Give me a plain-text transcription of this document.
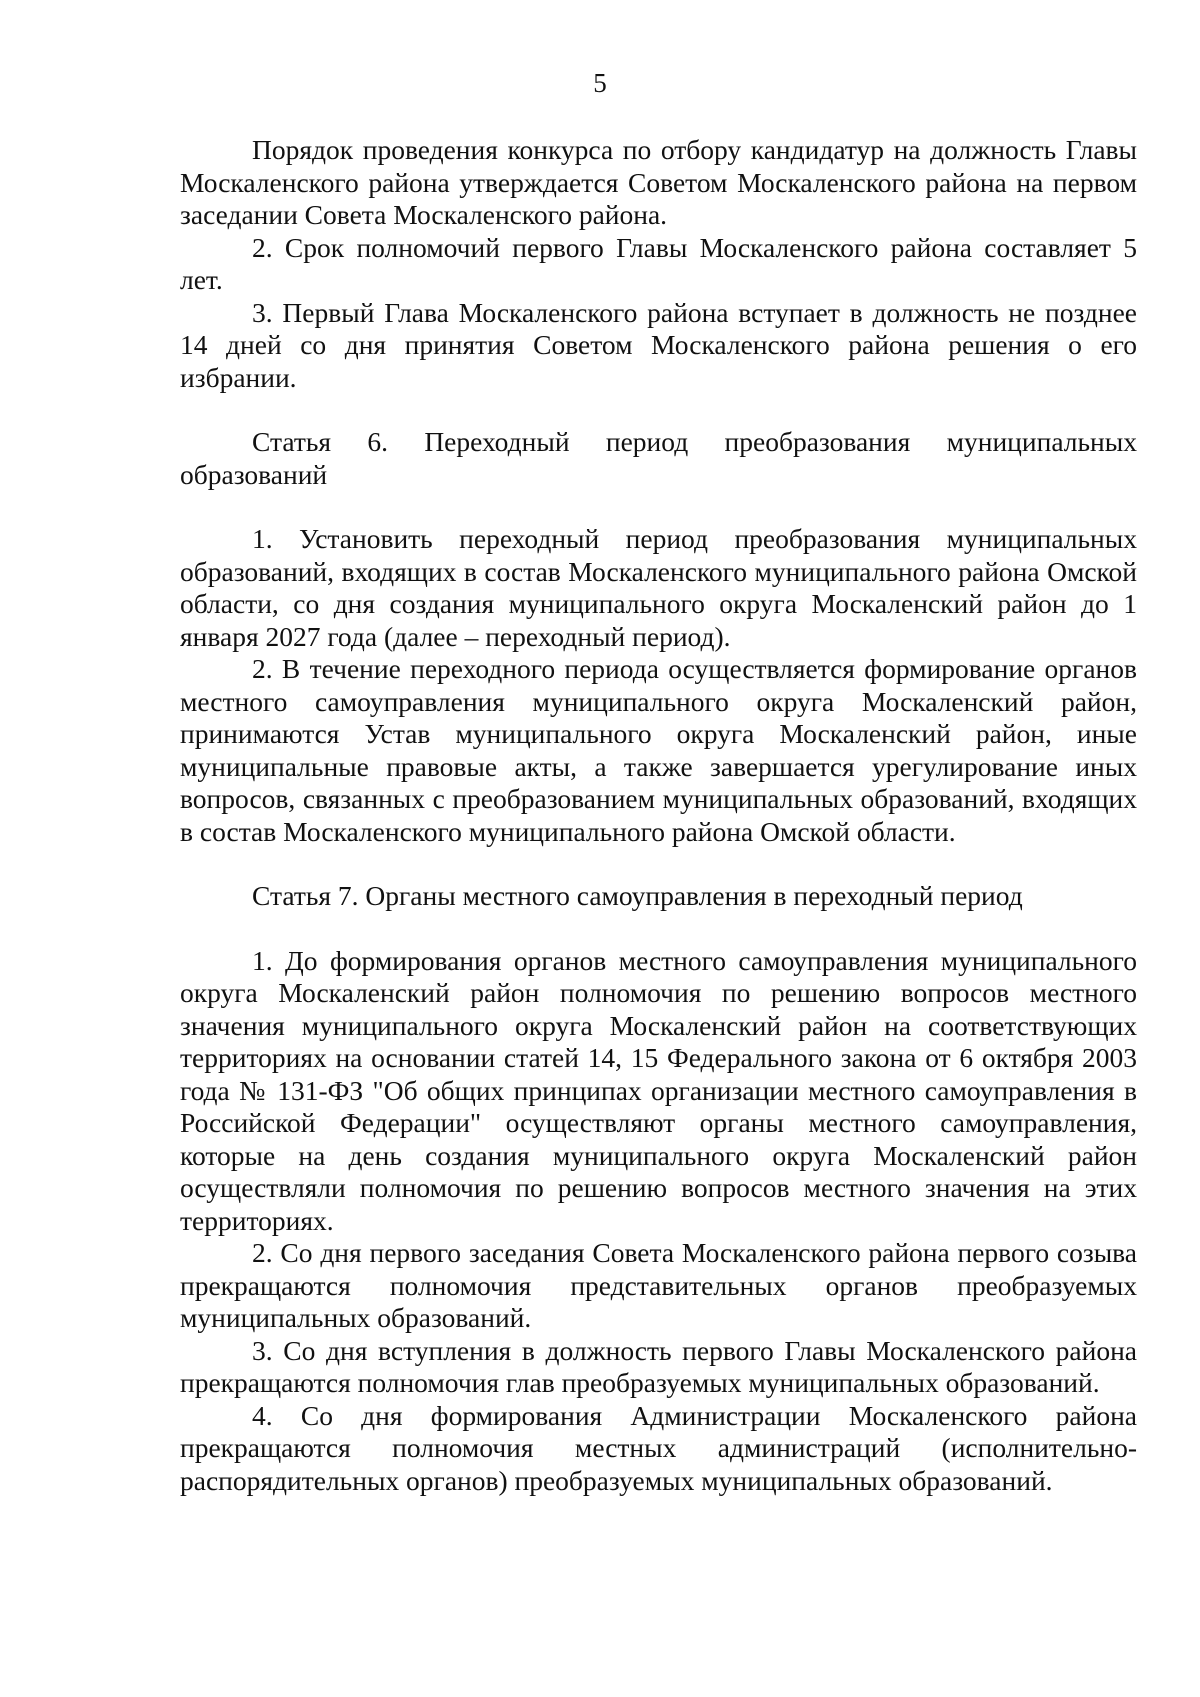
5

Порядок проведения конкурса по отбору кандидатур на должность Главы Москаленского района утверждается Советом Москаленского района на первом заседании Совета Москаленского района.

2. Срок полномочий первого Главы Москаленского района составляет 5 лет.

3. Первый Глава Москаленского района вступает в должность не позднее 14 дней со дня принятия Советом Москаленского района решения о его избрании.

Статья 6. Переходный период преобразования муниципальных образований

1. Установить переходный период преобразования муниципальных образований, входящих в состав Москаленского муниципального района Омской области, со дня создания муниципального округа Москаленский район до 1 января 2027 года (далее – переходный период).

2. В течение переходного периода осуществляется формирование органов местного самоуправления муниципального округа Москаленский район, принимаются Устав муниципального округа Москаленский район, иные муниципальные правовые акты, а также завершается урегулирование иных вопросов, связанных с преобразованием муниципальных образований, входящих в состав Москаленского муниципального района Омской области.

Статья 7. Органы местного самоуправления в переходный период

1. До формирования органов местного самоуправления муниципального округа Москаленский район полномочия по решению вопросов местного значения муниципального округа Москаленский район на соответствующих территориях на основании статей 14, 15 Федерального закона от 6 октября 2003 года № 131-ФЗ "Об общих принципах организации местного самоуправления в Российской Федерации" осуществляют органы местного самоуправления, которые на день создания муниципального округа Москаленский район осуществляли полномочия по решению вопросов местного значения на этих территориях.

2. Со дня первого заседания Совета Москаленского района первого созыва прекращаются полномочия представительных органов преобразуемых муниципальных образований.

3. Со дня вступления в должность первого Главы Москаленского района прекращаются полномочия глав преобразуемых муниципальных образований.

4. Со дня формирования Администрации Москаленского района прекращаются полномочия местных администраций (исполнительно-распорядительных органов) преобразуемых муниципальных образований.
